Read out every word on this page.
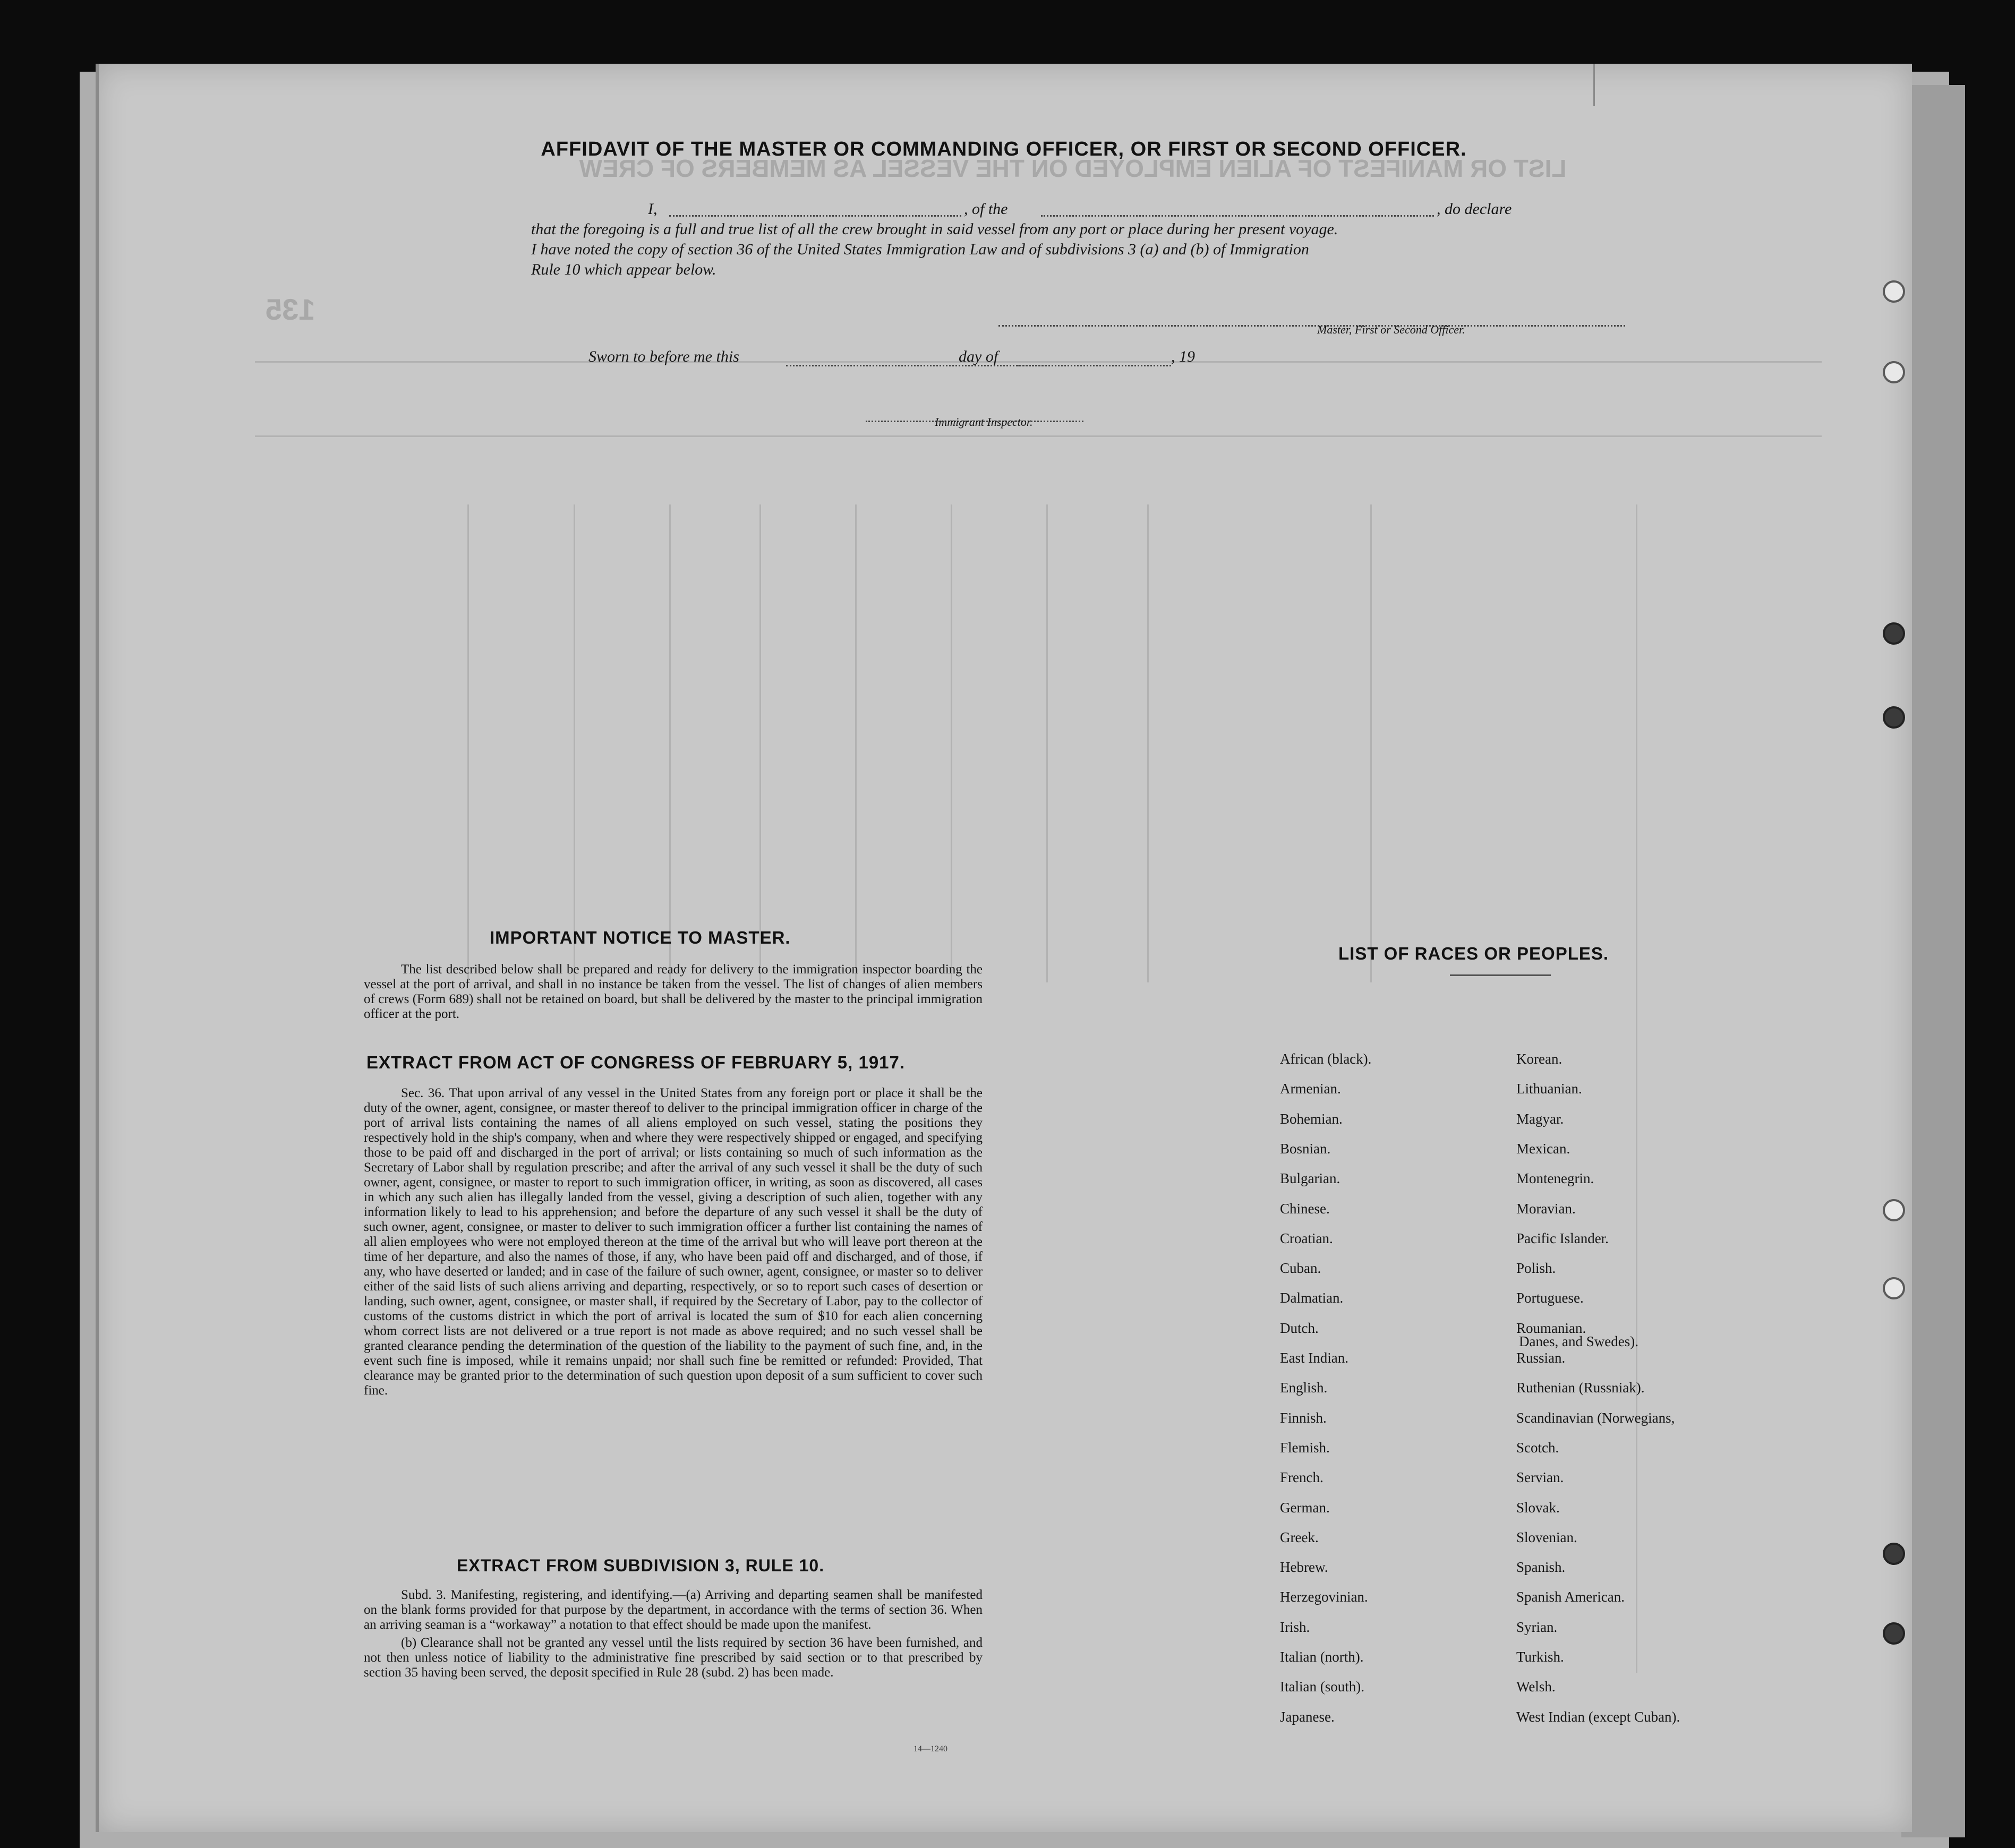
LIST OR MANIFEST OF ALIEN EMPLOYED ON THE VESSEL AS MEMBERS OF CREW
135
AFFIDAVIT OF THE MASTER OR COMMANDING OFFICER, OR FIRST OR SECOND OFFICER.
I,	, of the	, do declare
that the foregoing is a full and true list of all the crew brought in said vessel from any port or place during her present voyage.
I have noted the copy of section 36 of the United States Immigration Law and of subdivisions 3 (a) and (b) of Immigration
Rule 10 which appear below.
Master, First or Second Officer.
Sworn to before me this	day of	, 19
Immigrant Inspector.
IMPORTANT NOTICE TO MASTER.

The list described below shall be prepared and ready for delivery to the immigration inspector boarding the vessel at the port of arrival, and shall in no instance be taken from the vessel. The list of changes of alien members of crews (Form 689) shall not be retained on board, but shall be delivered by the master to the principal immigration officer at the port.

EXTRACT FROM ACT OF CONGRESS OF FEBRUARY 5, 1917.

Sec. 36. That upon arrival of any vessel in the United States from any foreign port or place it shall be the duty of the owner, agent, consignee, or master thereof to deliver to the principal immigration officer in charge of the port of arrival lists containing the names of all aliens employed on such vessel, stating the positions they respectively hold in the ship's company, when and where they were respectively shipped or engaged, and specifying those to be paid off and discharged in the port of arrival; or lists containing so much of such information as the Secretary of Labor shall by regulation prescribe; and after the arrival of any such vessel it shall be the duty of such owner, agent, consignee, or master to report to such immigration officer, in writing, as soon as discovered, all cases in which any such alien has illegally landed from the vessel, giving a description of such alien, together with any information likely to lead to his apprehension; and before the departure of any such vessel it shall be the duty of such owner, agent, consignee, or master to deliver to such immigration officer a further list containing the names of all alien employees who were not employed thereon at the time of the arrival but who will leave port thereon at the time of her departure, and also the names of those, if any, who have been paid off and discharged, and of those, if any, who have deserted or landed; and in case of the failure of such owner, agent, consignee, or master so to deliver either of the said lists of such aliens arriving and departing, respectively, or so to report such cases of desertion or landing, such owner, agent, consignee, or master shall, if required by the Secretary of Labor, pay to the collector of customs of the customs district in which the port of arrival is located the sum of $10 for each alien concerning whom correct lists are not delivered or a true report is not made as above required; and no such vessel shall be granted clearance pending the determination of the question of the liability to the payment of such fine, and, in the event such fine is imposed, while it remains unpaid; nor shall such fine be remitted or refunded: Provided, That clearance may be granted prior to the determination of such question upon deposit of a sum sufficient to cover such fine.

EXTRACT FROM SUBDIVISION 3, RULE 10.

Subd. 3. Manifesting, registering, and identifying.—(a) Arriving and departing seamen shall be manifested on the blank forms provided for that purpose by the department, in accordance with the terms of section 36. When an arriving seaman is a “workaway” a notation to that effect should be made upon the manifest.

(b) Clearance shall not be granted any vessel until the lists required by section 36 have been furnished, and not then unless notice of liability to the administrative fine prescribed by said section or to that prescribed by section 35 having been served, the deposit specified in Rule 28 (subd. 2) has been made.

14—1240
LIST OF RACES OR PEOPLES.
African (black).
Armenian.
Bohemian.
Bosnian.
Bulgarian.
Chinese.
Croatian.
Cuban.
Dalmatian.
Dutch.
East Indian.
English.
Finnish.
Flemish.
French.
German.
Greek.
Hebrew.
Herzegovinian.
Irish.
Italian (north).
Italian (south).
Japanese.
Korean.
Lithuanian.
Magyar.
Mexican.
Montenegrin.
Moravian.
Pacific Islander.
Polish.
Portuguese.
Roumanian.
Russian.
Ruthenian (Russniak).
Scandinavian (Norwegians,
Scotch.
Servian.
Slovak.
Slovenian.
Spanish.
Spanish American.
Syrian.
Turkish.
Welsh.
West Indian (except Cuban).
Danes, and Swedes).
